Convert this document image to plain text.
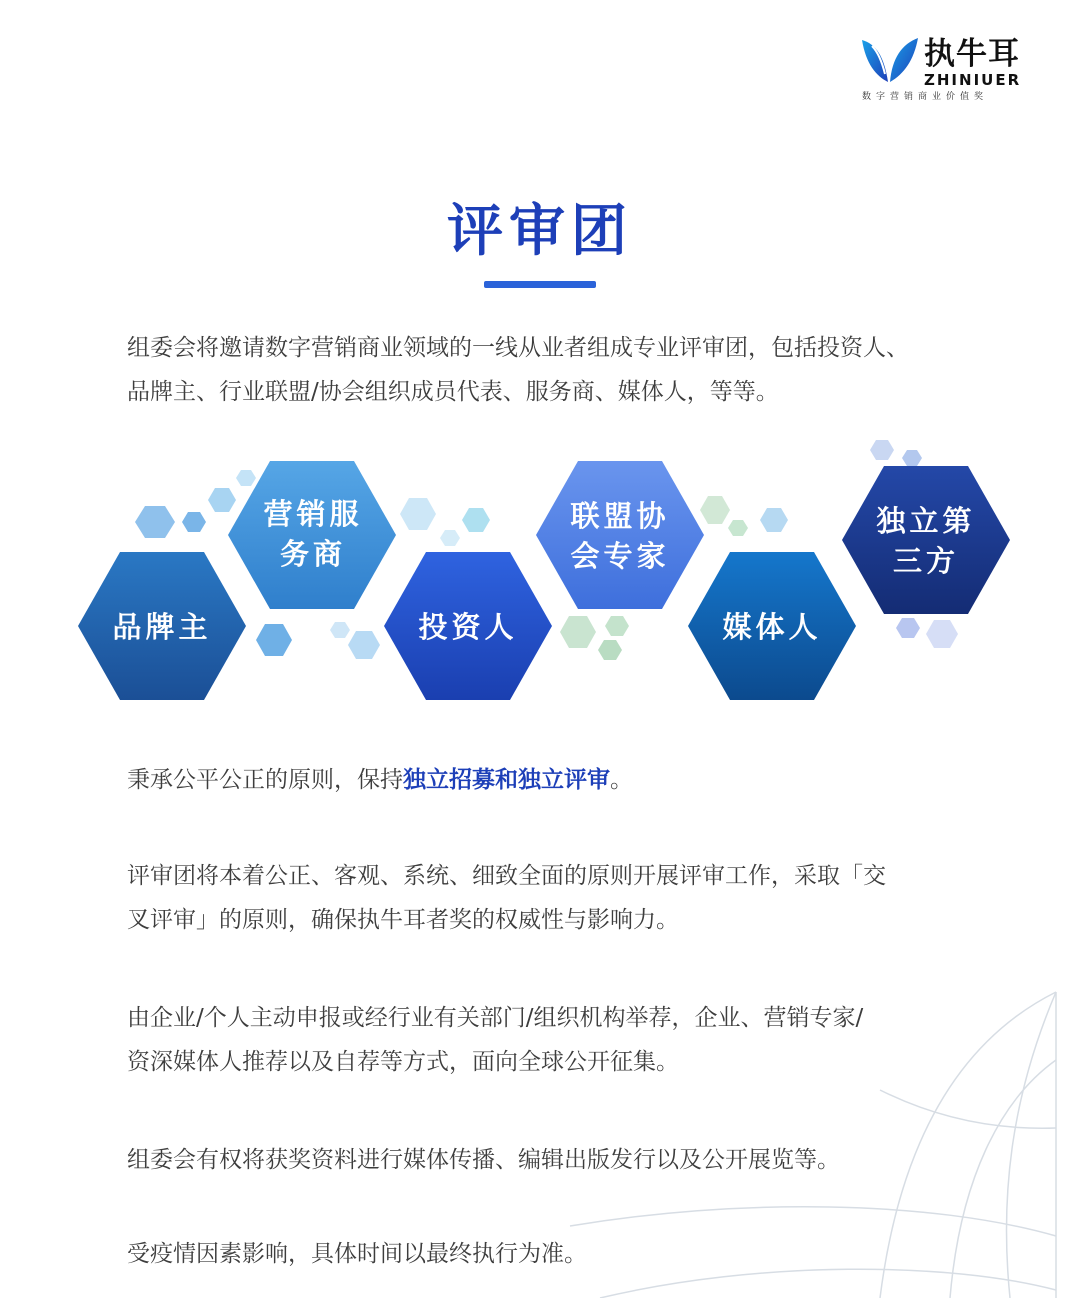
执牛耳
ZHINIUER
数字营销商业价值奖
评审团

组委会将邀请数字营销商业领域的一线从业者组成专业评审团，包括投资人、
品牌主、行业联盟/协会组织成员代表、服务商、媒体人，等等。

品牌主
营销服
务商
投资人
联盟协
会专家
媒体人
独立第
三方

秉承公平公正的原则，保持独立招募和独立评审。

评审团将本着公正、客观、系统、细致全面的原则开展评审工作，采取「交
叉评审」的原则，确保执牛耳者奖的权威性与影响力。

由企业/个人主动申报或经行业有关部门/组织机构举荐，企业、营销专家/
资深媒体人推荐以及自荐等方式，面向全球公开征集。

组委会有权将获奖资料进行媒体传播、编辑出版发行以及公开展览等。

受疫情因素影响，具体时间以最终执行为准。
